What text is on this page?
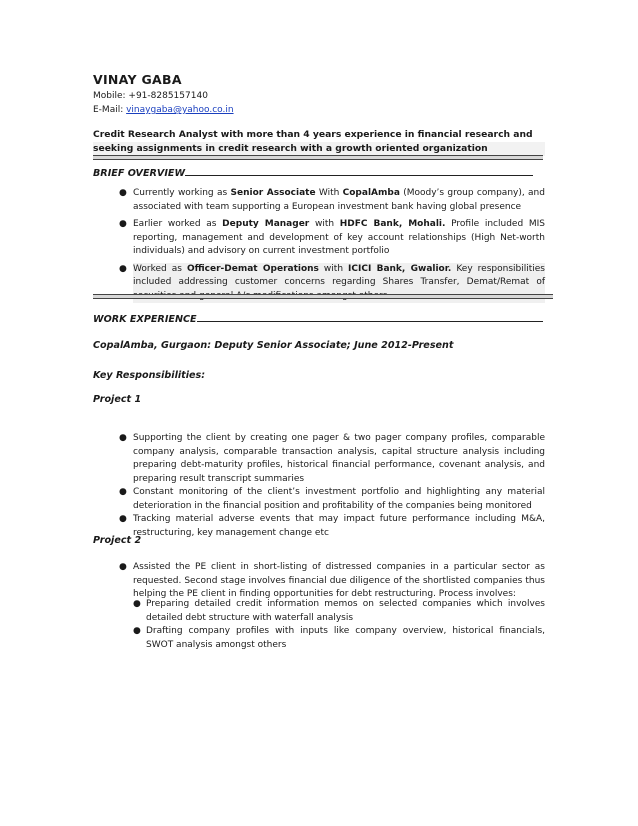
VINAY GABA
Mobile: +91-8285157140
E-Mail: vinaygaba@yahoo.co.in
Credit Research Analyst with more than 4 years experience in financial research and
seeking assignments in credit research with a growth oriented organization
BRIEF OVERVIEW
● Currently working as Senior Associate With CopalAmba (Moody’s group company), and associated with team supporting a European investment bank having global presence
● Earlier worked as Deputy Manager with HDFC Bank, Mohali. Profile included MIS reporting, management and development of key account relationships (High Net-worth individuals) and advisory on current investment portfolio
● Worked as Officer-Demat Operations with ICICI Bank, Gwalior. Key responsibilities included addressing customer concerns regarding Shares Transfer, Demat/Remat of
WORK EXPERIENCE
CopalAmba, Gurgaon: Deputy Senior Associate; June 2012-Present
Key Responsibilities:
Project 1
● Supporting the client by creating one pager & two pager company profiles, comparable company analysis, comparable transaction analysis, capital structure analysis including preparing debt-maturity profiles, historical financial performance, covenant analysis, and preparing result transcript summaries
● Constant monitoring of the client’s investment portfolio and highlighting any material deterioration in the financial position and profitability of the companies being monitored
● Tracking material adverse events that may impact future performance including M&A, restructuring, key management change etc
Project 2
● Assisted the PE client in short-listing of distressed companies in a particular sector as requested. Second stage involves financial due diligence of the shortlisted companies thus helping the PE client in finding opportunities for debt restructuring. Process involves:
● Preparing detailed credit information memos on selected companies which involves detailed debt structure with waterfall analysis
● Drafting company profiles with inputs like company overview, historical financials, SWOT analysis amongst others
